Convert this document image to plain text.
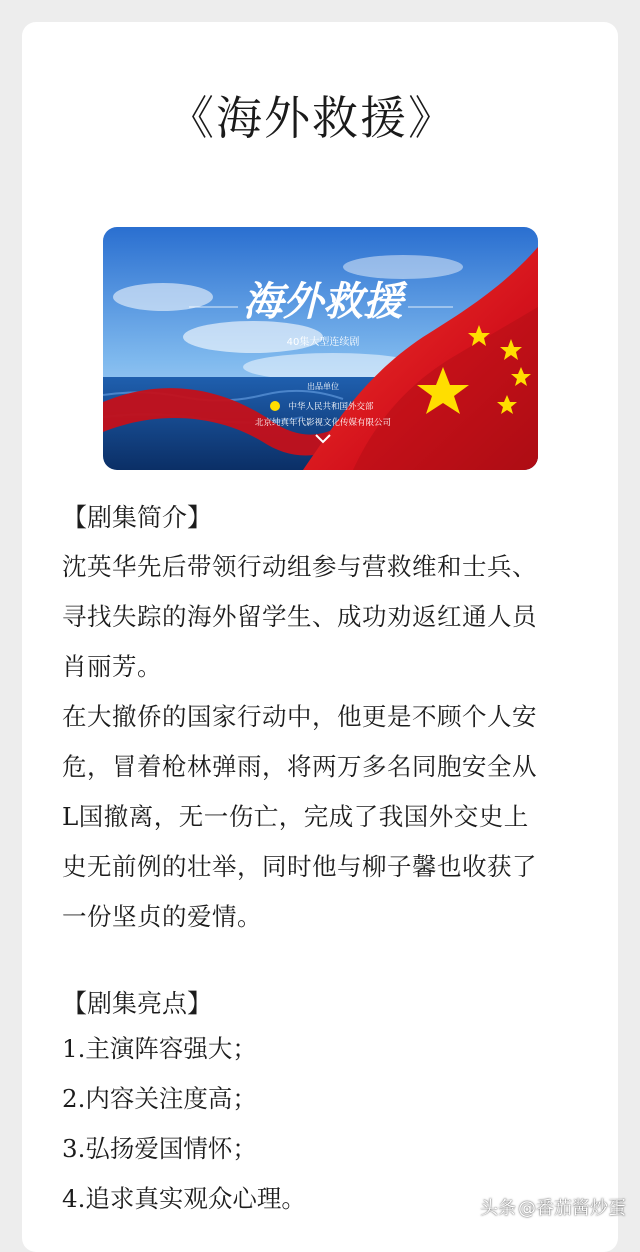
《海外救援》
海外救援
40集大型连续剧
出品单位
中华人民共和国外交部
北京纯真年代影视文化传媒有限公司
【剧集简介】
沈英华先后带领行动组参与营救维和士兵、
寻找失踪的海外留学生、成功劝返红通人员
肖丽芳。
在大撤侨的国家行动中，他更是不顾个人安
危，冒着枪林弹雨，将两万多名同胞安全从
L国撤离，无一伤亡，完成了我国外交史上
史无前例的壮举，同时他与柳子馨也收获了
一份坚贞的爱情。
【剧集亮点】
1.主演阵容强大；
2.内容关注度高；
3.弘扬爱国情怀；
4.追求真实观众心理。	头条 @番茄酱炒蛋
